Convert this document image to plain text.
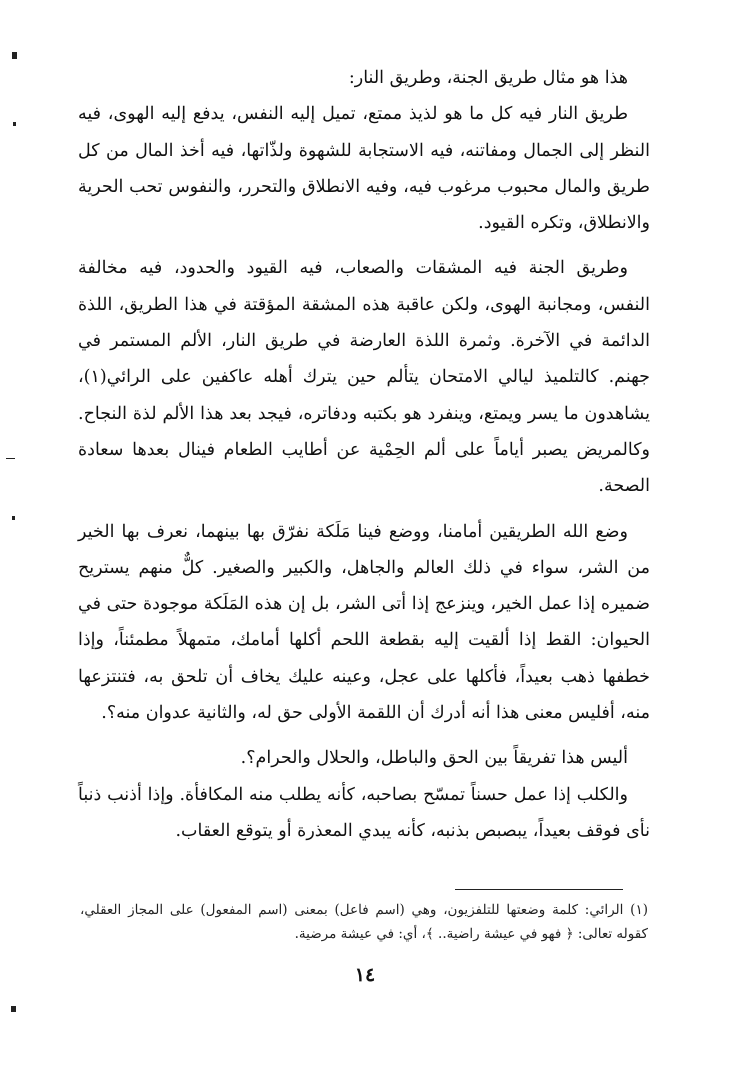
هذا هو مثال طريق الجنة، وطريق النار:

طريق النار فيه كل ما هو لذيذ ممتع، تميل إليه النفس، يدفع إليه الهوى، فيه النظر إلى الجمال ومفاتنه، فيه الاستجابة للشهوة ولذّاتها، فيه أخذ المال من كل طريق والمال محبوب مرغوب فيه، وفيه الانطلاق والتحرر، والنفوس تحب الحرية والانطلاق، وتكره القيود.

وطريق الجنة فيه المشقات والصعاب، فيه القيود والحدود، فيه مخالفة النفس، ومجانبة الهوى، ولكن عاقبة هذه المشقة المؤقتة في هذا الطريق، اللذة الدائمة في الآخرة. وثمرة اللذة العارضة في طريق النار، الألم المستمر في جهنم. كالتلميذ ليالي الامتحان يتألم حين يترك أهله عاكفين على الرائي(١)، يشاهدون ما يسر ويمتع، وينفرد هو بكتبه ودفاتره، فيجد بعد هذا الألم لذة النجاح. وكالمريض يصبر أياماً على ألم الحِمْية عن أطايب الطعام فينال بعدها سعادة الصحة.

وضع الله الطريقين أمامنا، ووضع فينا مَلَكة نفرّق بها بينهما، نعرف بها الخير من الشر، سواء في ذلك العالم والجاهل، والكبير والصغير. كلٌّ منهم يستريح ضميره إذا عمل الخير، وينزعج إذا أتى الشر، بل إن هذه المَلَكة موجودة حتى في الحيوان: القط إذا ألقيت إليه بقطعة اللحم أكلها أمامك، متمهلاً مطمئناً، وإذا خطفها ذهب بعيداً، فأكلها على عجل، وعينه عليك يخاف أن تلحق به، فتنتزعها منه، أفليس معنى هذا أنه أدرك أن اللقمة الأولى حق له، والثانية عدوان منه؟.

أليس هذا تفريقاً بين الحق والباطل، والحلال والحرام؟.

والكلب إذا عمل حسناً تمسّح بصاحبه، كأنه يطلب منه المكافأة. وإذا أذنب ذنباً نأى فوقف بعيداً، يبصبص بذنبه، كأنه يبدي المعذرة أو يتوقع العقاب.

(١) الرائي: كلمة وضعتها للتلفزيون، وهي (اسم فاعل) بمعنى (اسم المفعول) على المجاز العقلي، كقوله تعالى: ﴿ فهو في عيشة راضية.. ﴾، أي: في عيشة مرضية.

١٤
